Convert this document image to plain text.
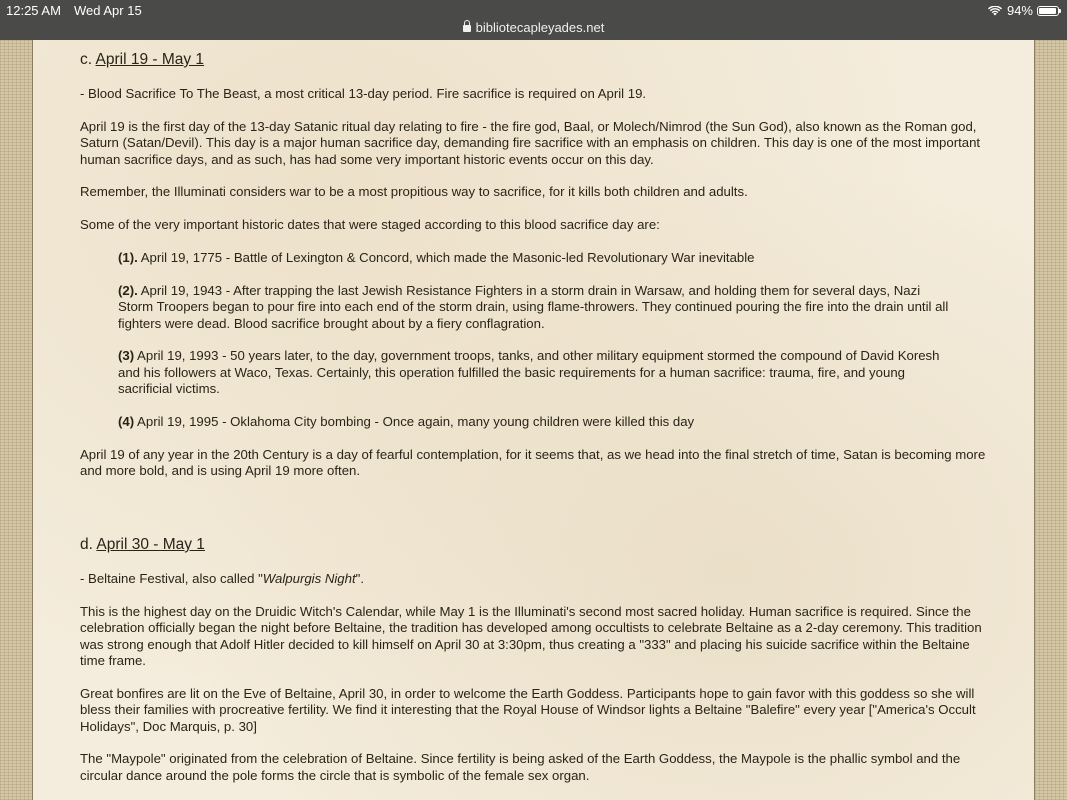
12:25 AM Wed Apr 15
bibliotecapleyades.net
94%
c. April 19 - May 1

- Blood Sacrifice To The Beast, a most critical 13-day period. Fire sacrifice is required on April 19.

April 19 is the first day of the 13-day Satanic ritual day relating to fire - the fire god, Baal, or Molech/Nimrod (the Sun God), also known as the Roman god, Saturn (Satan/Devil). This day is a major human sacrifice day, demanding fire sacrifice with an emphasis on children. This day is one of the most important human sacrifice days, and as such, has had some very important historic events occur on this day.

Remember, the Illuminati considers war to be a most propitious way to sacrifice, for it kills both children and adults.

Some of the very important historic dates that were staged according to this blood sacrifice day are:

(1). April 19, 1775 - Battle of Lexington & Concord, which made the Masonic-led Revolutionary War inevitable

(2). April 19, 1943 - After trapping the last Jewish Resistance Fighters in a storm drain in Warsaw, and holding them for several days, Nazi Storm Troopers began to pour fire into each end of the storm drain, using flame-throwers. They continued pouring the fire into the drain until all fighters were dead. Blood sacrifice brought about by a fiery conflagration.

(3) April 19, 1993 - 50 years later, to the day, government troops, tanks, and other military equipment stormed the compound of David Koresh and his followers at Waco, Texas. Certainly, this operation fulfilled the basic requirements for a human sacrifice: trauma, fire, and young sacrificial victims.

(4) April 19, 1995 - Oklahoma City bombing - Once again, many young children were killed this day

April 19 of any year in the 20th Century is a day of fearful contemplation, for it seems that, as we head into the final stretch of time, Satan is becoming more and more bold, and is using April 19 more often.

d. April 30 - May 1

- Beltaine Festival, also called "Walpurgis Night".

This is the highest day on the Druidic Witch's Calendar, while May 1 is the Illuminati's second most sacred holiday. Human sacrifice is required. Since the celebration officially began the night before Beltaine, the tradition has developed among occultists to celebrate Beltaine as a 2-day ceremony. This tradition was strong enough that Adolf Hitler decided to kill himself on April 30 at 3:30pm, thus creating a "333" and placing his suicide sacrifice within the Beltaine time frame.

Great bonfires are lit on the Eve of Beltaine, April 30, in order to welcome the Earth Goddess. Participants hope to gain favor with this goddess so she will bless their families with procreative fertility. We find it interesting that the Royal House of Windsor lights a Beltaine "Balefire" every year ["America's Occult Holidays", Doc Marquis, p. 30]

The "Maypole" originated from the celebration of Beltaine. Since fertility is being asked of the Earth Goddess, the Maypole is the phallic symbol and the circular dance around the pole forms the circle that is symbolic of the female sex organ.
